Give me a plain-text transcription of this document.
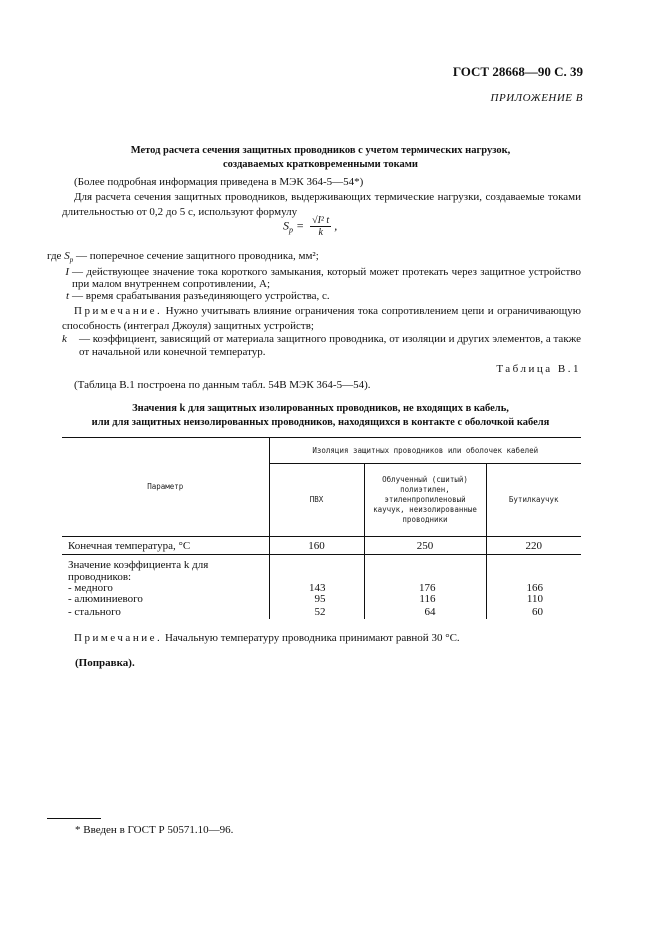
ГОСТ 28668—90 С. 39
ПРИЛОЖЕНИЕ В
Метод расчета сечения защитных проводников с учетом термических нагрузок,
создаваемых кратковременными токами
(Более подробная информация приведена в МЭК 364-5—54*)
Для расчета сечения защитных проводников, выдерживающих термические нагрузки, создаваемые токами длительностью от 0,2 до 5 с, используют формулу
$S_p = \frac{\text{√I² t}}{k}$ ,
где $S_p$ — поперечное сечение защитного проводника, мм²;
I — действующее значение тока короткого замыкания, который может протекать через защитное устройство при малом внутреннем сопротивлении, А;
t — время срабатывания разъединяющего устройства, с.
Примечание. Нужно учитывать влияние ограничения тока сопротивлением цепи и ограничивающую способность (интеграл Джоуля) защитных устройств;
k	— коэффициент, зависящий от материала защитного проводника, от изоляции и других элементов, а также от начальной или конечной температур.
Таблица В.1
(Таблица В.1 построена по данным табл. 54В МЭК 364-5—54).
Значения k для защитных изолированных проводников, не входящих в кабель,
или для защитных неизолированных проводников, находящихся в контакте с оболочкой кабеля
Параметр	Изоляция защитных проводников или оболочек кабелей		
	ПВХ	Облученный (сшитый) полиэтилен, этиленпропиленовый каучук, неизолированные проводники	Бутилкаучук
Конечная температура, °С	160	250	220
Значение коэффициента k для проводников:			
- медного	143	176	166
- алюминиевого	95	116	110
- стального	52	64	60
Примечание. Начальную температуру проводника принимают равной 30 °С.
(Поправка).
* Введен в ГОСТ Р 50571.10—96.
